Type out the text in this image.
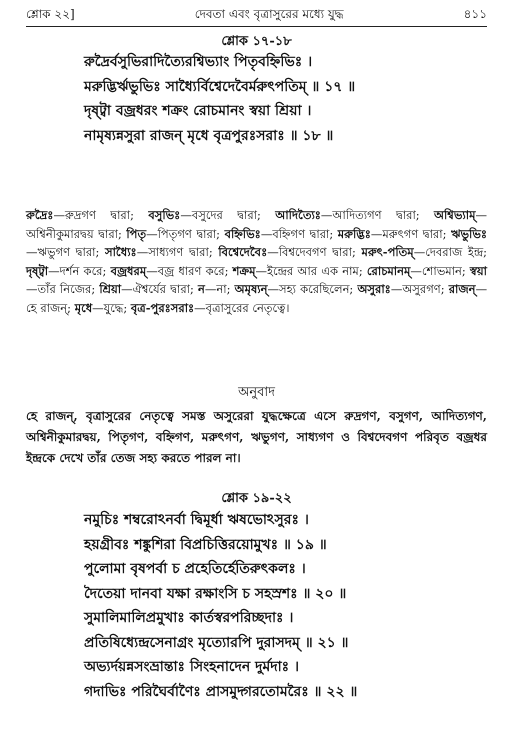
শ্লোক ২২]	দেবতা এবং বৃত্রাসুরের মধ্যে যুদ্ধ	৪১১
শ্লোক ১৭-১৮
রুদ্রৈর্বসুভিরাদিত্যৈরশ্বিভ্যাং পিতৃবহ্নিভিঃ ।
মরুদ্ভির্ঋভুভিঃ সাধ্যৈর্বিশ্বেদেবৈর্মরুৎপতিম্ ॥ ১৭ ॥
দৃষ্ট্বা বজ্রধরং শক্রং রোচমানং স্বয়া শ্রিয়া ।
নামৃষ্যন্নসুরা রাজন্ মৃধে বৃত্রপুরঃসরাঃ ॥ ১৮ ॥
রুদ্রৈঃ—রুদ্রগণ দ্বারা; বসুভিঃ—বসুদের দ্বারা; আদিত্যৈঃ—আদিত্যগণ দ্বারা; অশ্বিভ্যাম্—অশ্বিনীকুমারদ্বয় দ্বারা; পিতৃ—পিতৃগণ দ্বারা; বহ্নিভিঃ—বহ্নিগণ দ্বারা; মরুদ্ভিঃ—মরুৎগণ দ্বারা; ঋভুভিঃ—ঋভুগণ দ্বারা; সাধ্যৈঃ—সাধ্যগণ দ্বারা; বিশ্বেদেবৈঃ—বিশ্বদেবগণ দ্বারা; মরুৎ-পতিম্—দেবরাজ ইন্দ্র; দৃষ্ট্বা—দর্শন করে; বজ্রধরম্—বজ্র ধারণ করে; শক্রম্—ইন্দ্রের আর এক নাম; রোচমানম্—শোভমান; স্বয়া—তাঁর নিজের; শ্রিয়া—ঐশ্বর্যের দ্বারা; ন—না; অমৃষ্যন্—সহ্য করেছিলেন; অসুরাঃ—অসুরগণ; রাজন্—হে রাজন্; মৃধে—যুদ্ধে; বৃত্র-পুরঃসরাঃ—বৃত্রাসুরের নেতৃত্বে।
অনুবাদ
হে রাজন্, বৃত্রাসুরের নেতৃত্বে সমস্ত অসুরেরা যুদ্ধক্ষেত্রে এসে রুদ্রগণ, বসুগণ, আদিত্যগণ, অশ্বিনীকুমারদ্বয়, পিতৃগণ, বহ্নিগণ, মরুৎগণ, ঋভুগণ, সাধ্যগণ ও বিশ্বদেবগণ পরিবৃত বজ্রধর ইন্দ্রকে দেখে তাঁর তেজ সহ্য করতে পারল না।
শ্লোক ১৯-২২
নমুচিঃ শম্বরোঽনর্বা দ্বিমূর্ধা ঋষভোঽসুরঃ ।
হয়গ্রীবঃ শঙ্কুশিরা বিপ্রচিত্তিরয়োমুখঃ ॥ ১৯ ॥
পুলোমা বৃষপর্বা চ প্রহেতির্হেতিরুৎকলঃ ।
দৈতেয়া দানবা যক্ষা রক্ষাংসি চ সহস্রশঃ ॥ ২০ ॥
সুমালিমালিপ্রমুখাঃ কার্তস্বরপরিচ্ছদাঃ ।
প্রতিষিধ্যেন্দ্রসেনাগ্রং মৃত্যোরপি দুরাসদম্ ॥ ২১ ॥
অভ্যর্দয়ন্নসংভ্রান্তাঃ সিংহনাদেন দুর্মদাঃ ।
গদাভিঃ পরিঘৈর্বাণৈঃ প্রাসমুদ্গরতোমরৈঃ ॥ ২২ ॥
